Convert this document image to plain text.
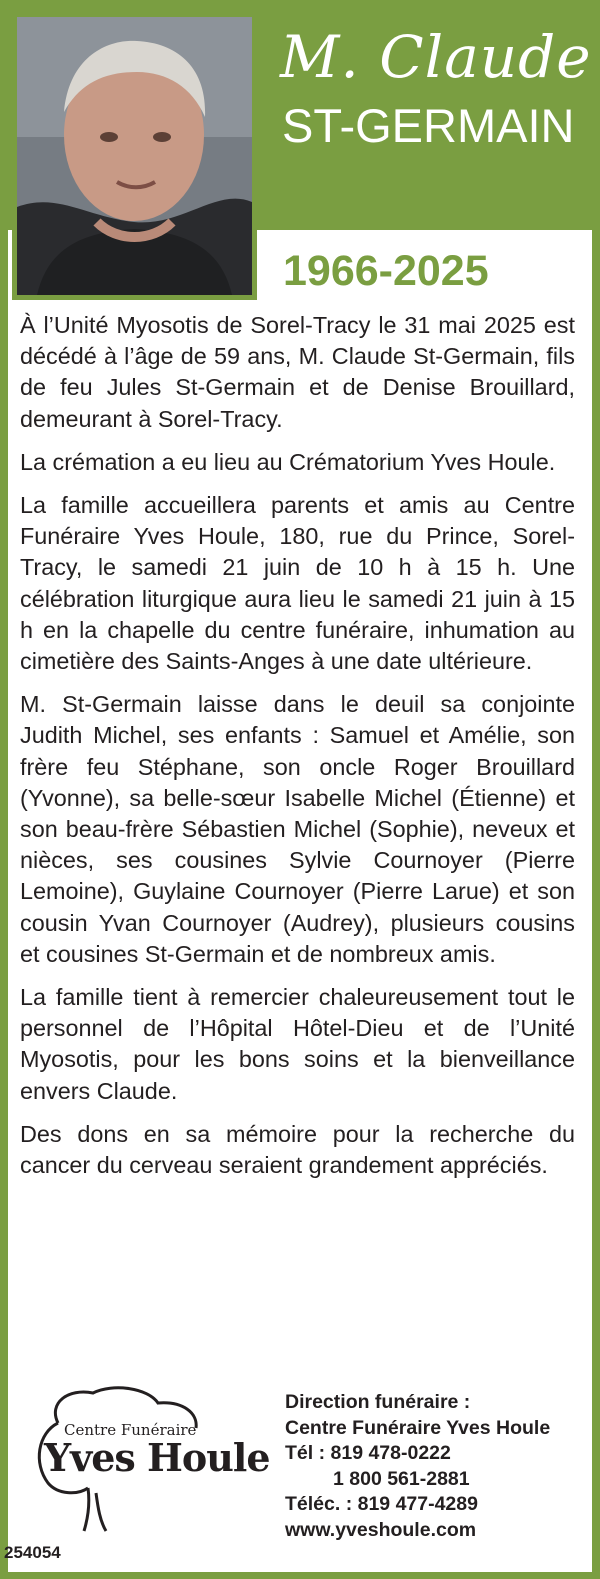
M. Claude
ST-GERMAIN
1966-2025

À l’Unité Myosotis de Sorel-Tracy le 31 mai 2025 est décédé à l’âge de 59 ans, M. Claude St-Germain, fils de feu Jules St-Germain et de Denise Brouillard, demeurant à Sorel-Tracy.

La crémation a eu lieu au Crématorium Yves Houle.

La famille accueillera parents et amis au Centre Funéraire Yves Houle, 180, rue du Prince, Sorel-Tracy, le samedi 21 juin de 10 h à 15 h. Une célébration liturgique aura lieu le samedi 21 juin à 15 h en la chapelle du centre funéraire, inhumation au cimetière des Saints-Anges à une date ultérieure.

M. St-Germain laisse dans le deuil sa conjointe Judith Michel, ses enfants : Samuel et Amélie, son frère feu Stéphane, son oncle Roger Brouillard (Yvonne), sa belle-sœur Isabelle Michel (Étienne) et son beau-frère Sébastien Michel (Sophie), neveux et nièces, ses cousines Sylvie Cournoyer (Pierre Lemoine), Guylaine Cournoyer (Pierre Larue) et son cousin Yvan Cournoyer (Audrey), plusieurs cousins et cousines St-Germain et de nombreux amis.

La famille tient à remercier chaleureusement tout le personnel de l’Hôpital Hôtel-Dieu et de l’Unité Myosotis, pour les bons soins et la bienveillance envers Claude.

Des dons en sa mémoire pour la recherche du cancer du cerveau seraient grandement appréciés.

Centre Funéraire
Yves Houle
Direction funéraire :
Centre Funéraire Yves Houle
Tél : 819 478-0222
1 800 561-2881
Téléc. : 819 477-4289
www.yveshoule.com
254054
